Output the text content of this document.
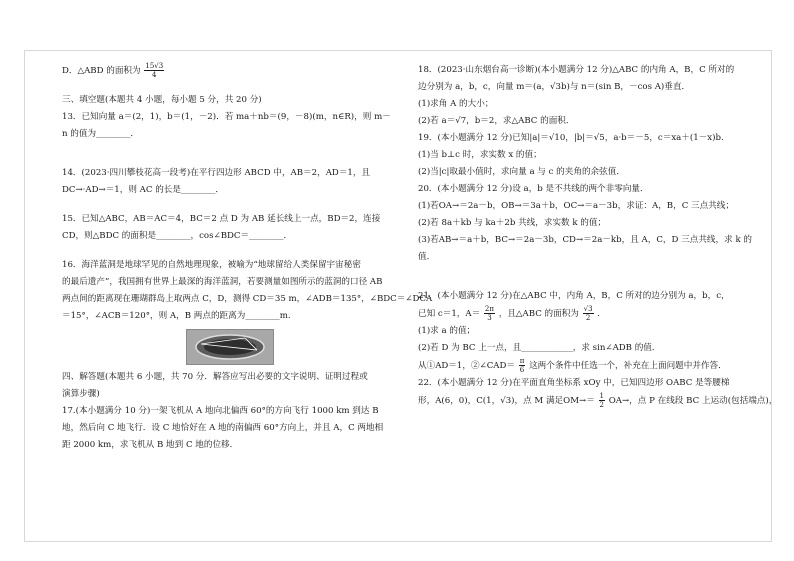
D．△ABD 的面积为 $\frac{15√3}{4}$
三、填空题(本题共 4 小题，每小题 5 分，共 20 分)
13．已知向量 a＝(2，1)，b＝(1，－2)．若 ma＋nb＝(9，－8)(m，n∈R)，则 m－
n 的值为________．
14．(2023·四川攀枝花高一段考)在平行四边形 ABCD 中，AB＝2，AD＝1，且
DC→·AD→＝1，则 AC 的长是________．
15．已知△ABC，AB＝AC＝4，BC＝2 点 D 为 AB 延长线上一点，BD＝2，连接
CD，则△BDC 的面积是________，cos∠BDC＝________．
16．海洋蓝洞是地球罕见的自然地理现象，被喻为“地球留给人类保留宇宙秘密
的最后遗产”，我国拥有世界上最深的海洋蓝洞，若要测量如图所示的蓝洞的口径 AB
两点间的距离现在珊瑚群岛上取两点 C，D，测得 CD＝35 m，∠ADB＝135°，∠BDC＝∠DCA
＝15°，∠ACB＝120°，则 A，B 两点的距离为________m.
四、解答题(本题共 6 小题，共 70 分．解答应写出必要的文字说明、证明过程或
演算步骤)
17.(本小题满分 10 分)一架飞机从 A 地向北偏西 60°的方向飞行 1000 km 到达 B
地，然后向 C 地飞行．设 C 地恰好在 A 地的南偏西 60°方向上，并且 A，C 两地相
距 2000 km，求飞机从 B 地到 C 地的位移．
18．(2023·山东烟台高一诊断)(本小题满分 12 分)△ABC 的内角 A，B，C 所对的
边分别为 a，b，c，向量 m＝(a，√3b)与 n＝(sin B，－cos A)垂直．
(1)求角 A 的大小；
(2)若 a＝√7，b＝2，求△ABC 的面积．
19．(本小题满分 12 分)已知|a|＝√10，|b|＝√5，a·b＝－5，c＝xa＋(1－x)b.
(1)当 b⊥c 时，求实数 x 的值；
(2)当|c|取最小值时，求向量 a 与 c 的夹角的余弦值．
20．(本小题满分 12 分)设 a，b 是不共线的两个非零向量．
(1)若OA→＝2a－b，OB→＝3a＋b，OC→＝a－3b，求证：A，B，C 三点共线；
(2)若 8a＋kb 与 ka＋2b 共线，求实数 k 的值；
(3)若AB→＝a＋b，BC→＝2a－3b，CD→＝2a－kb，且 A，C，D 三点共线，求 k 的
值．
21．(本小题满分 12 分)在△ABC 中，内角 A，B，C 所对的边分别为 a，b，c，
已知 c＝1，$A= \frac{2\pi}{3}$ ，且△ABC 的面积为 $\frac{√3}{2}$ ．
(1)求 a 的值；
(2)若 D 为 BC 上一点，且____________，求 sin∠ADB 的值．
从①AD＝1，②∠CAD＝ $\frac{\pi}{6}$ 这两个条件中任选一个，补充在上面问题中并作答．
22．(本小题满分 12 分)在平面直角坐标系 xOy 中，已知四边形 OABC 是等腰梯
形，A(6，0)，C(1，√3)，点 M 满足$OM\to= \frac{1}{2} OA\to$，点 P 在线段 BC 上运动(包括端点)，
